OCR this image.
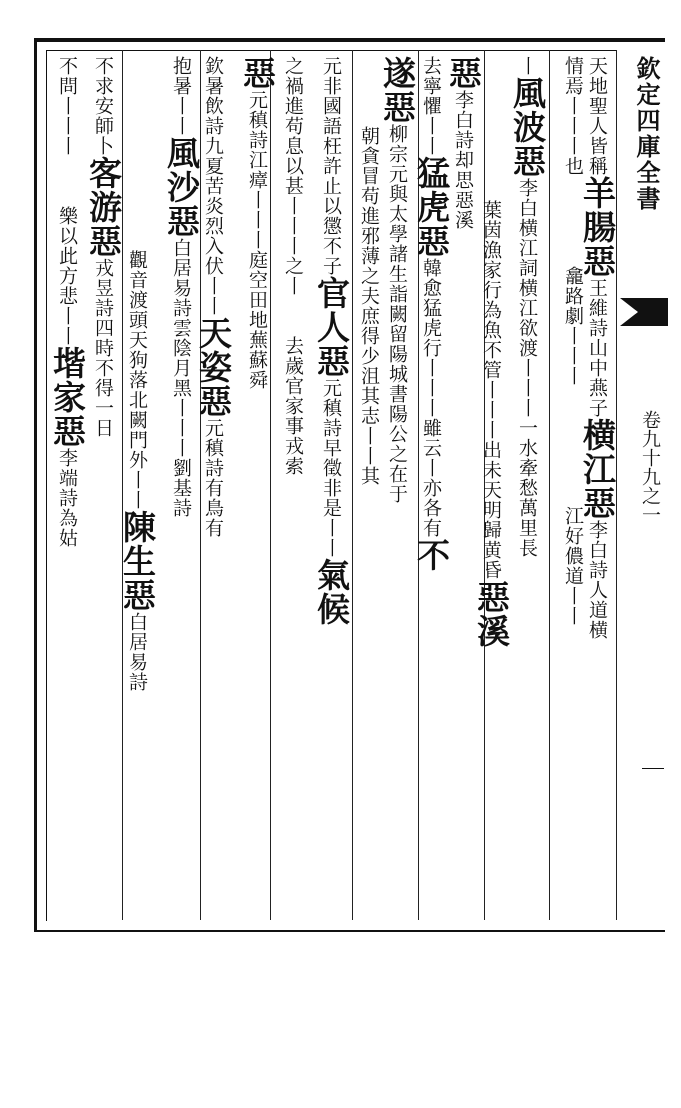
欽定四庫全書
卷九十九之一
天地聖人皆稱羊腸惡王維詩山中燕子横江惡李白詩人道横
情焉丨丨丨也龕路劇丨丨丨江好儂道丨丨
丨風波惡李白横江詞横江欲渡丨丨丨一水牽愁萬里長
葉茵漁家行為魚不管丨丨丨出未天明歸黄昏惡溪
惡李白詩却思惡溪
去寧懼丨丨猛虎惡韓愈猛虎行丨丨丨雖云丨亦各有不
遂惡柳宗元與太學諸生詣闕留陽城書陽公之在于
朝貪冒苟進邪薄之夫庶得少沮其志丨丨其
元非國語枉許止以懲不子官人惡元稹詩早徵非是丨丨氣候
之禍進苟息以甚丨丨丨之丨去歲官家事戎索
惡元稹詩江瘴丨丨丨庭空田地蕪蘇舜
欽暑飲詩九夏苦炎烈入伏丨丨天姿惡元稹詩有鳥有
抱暑丨丨風沙惡白居易詩雲陰月黑丨丨丨劉基詩
觀音渡頭天狗落北闕門外丨丨陳生惡白居易詩
不求安師卜客游惡戎昱詩四時不得一日
不問丨丨丨樂以此方悲丨丨堦家惡李端詩為姑
